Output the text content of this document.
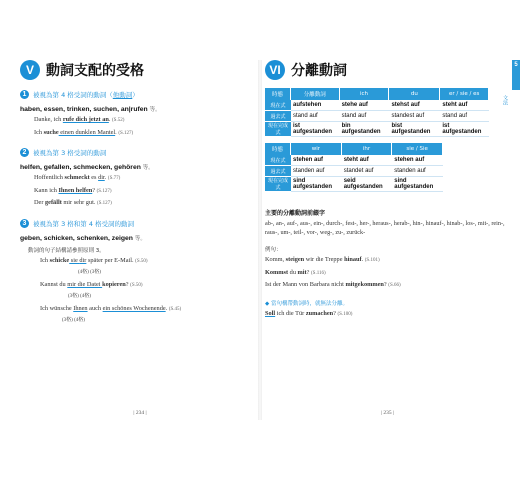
V 動詞支配的受格
1	被視為第 4 格受詞的動詞（他動詞）
haben, essen, trinken, suchen, an|rufen 等。
Danke, ich rufe dich jetzt an. (S.52)
Ich suche einen dunklen Mantel. (S.127)
2	被視為第 3 格受詞的動詞
helfen, gefallen, schmecken, gehören 等。
Hoffentlich schmeckt es dir. (S.77)
Kann ich Ihnen helfen? (S.127)
Der gefällt mir sehr gut. (S.127)
3	被視為第 3 格和第 4 格受詞的動詞
geben, schicken, schenken, zeigen 等。
動詞的句子結構請參照原則 3。
Ich schicke sie dir später per E-Mail. (S.50)
(4格) (3格)
Kannst du mir die Datei kopieren? (S.50)
(3格) (4格)
Ich wünsche Ihnen auch ein schönes Wochenende. (S.45)
(3格) (4格)
| 234 |
VI 分離動詞
時態	分離動詞	ich	du	er / sie / es
現在式	aufstehen	stehe auf	stehst auf	steht auf
過去式	stand auf	stand auf	standest auf	stand auf
現在完成式	ist aufgestanden	bin aufgestanden	bist aufgestanden	ist aufgestanden
時態	wir	ihr	sie / Sie
現在式	stehen auf	steht auf	stehen auf
過去式	standen auf	standet auf	standen auf
現在完成式	sind aufgestanden	seid aufgestanden	sind aufgestanden
主要的分離動詞前綴字
ab-, an-, auf-, aus-, ein-, durch-, fest-, her-, heraus-, herab-, hin-, hinauf-, hinab-, los-, mit-, rein-, raus-, um-, teil-, vor-, weg-, zu-, zurück-
例句：
Komm, steigen wir die Treppe hinauf. (S.101)
Kommst du mit? (S.116)
Ist der Mann von Barbara nicht mitgekommen? (S.66)
◆ 當句構帶動詞時，就無法分離。
Soll ich die Tür zumachen? (S.100)
| 235 |
5
文法
